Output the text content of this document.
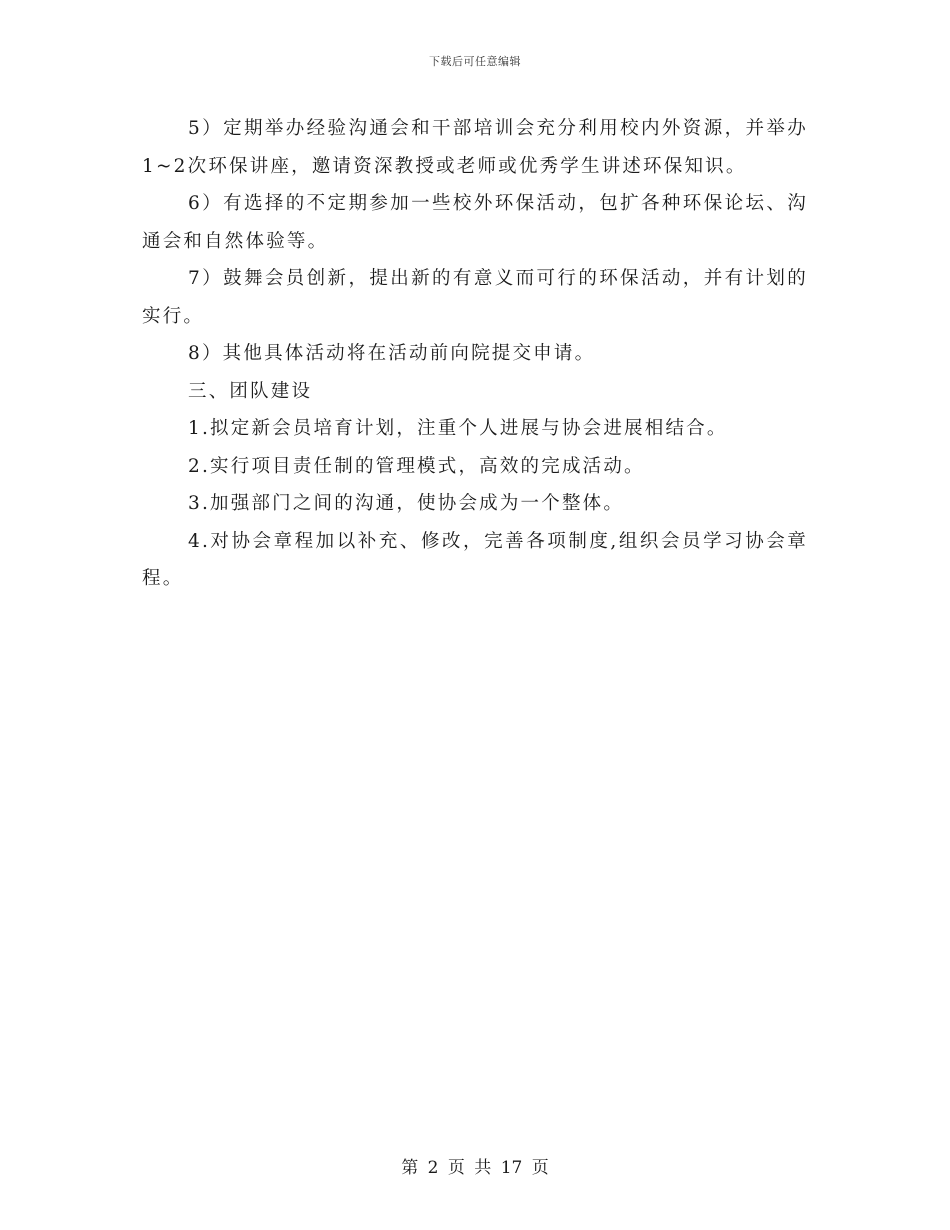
下载后可任意编辑

5）定期举办经验沟通会和干部培训会充分利用校内外资源，并举办1~2次环保讲座，邀请资深教授或老师或优秀学生讲述环保知识。

6）有选择的不定期参加一些校外环保活动，包扩各种环保论坛、沟通会和自然体验等。

7）鼓舞会员创新，提出新的有意义而可行的环保活动，并有计划的实行。

8）其他具体活动将在活动前向院提交申请。

三、团队建设

1.拟定新会员培育计划，注重个人进展与协会进展相结合。

2.实行项目责任制的管理模式，高效的完成活动。

3.加强部门之间的沟通，使协会成为一个整体。

4.对协会章程加以补充、修改，完善各项制度,组织会员学习协会章程。

第 2 页 共 17 页
